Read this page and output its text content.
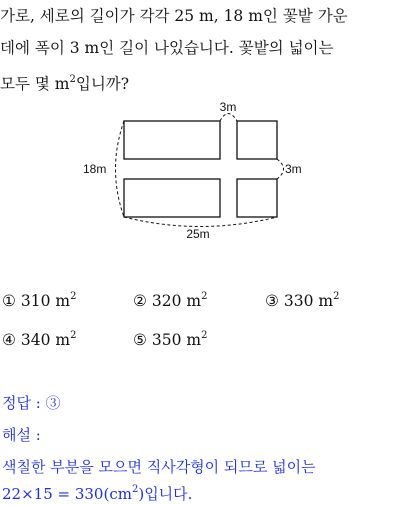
가로, 세로의 길이가 각각 25 m, 18 m인 꽃밭 가운
데에 폭이 3 m인 길이 나있습니다. 꽃밭의 넓이는
모두 몇 $m^2$입니까?
3m
3m
18m
25m
① 310 $m^2$	② 320 $m^2$	③ 330 $m^2$
④ 340 $m^2$	⑤ 350 $m^2$
정답 : ③
해설 :
색칠한 부분을 모으면 직사각형이 되므로 넓이는
$22\times 15 = 330(cm^2)$입니다.
